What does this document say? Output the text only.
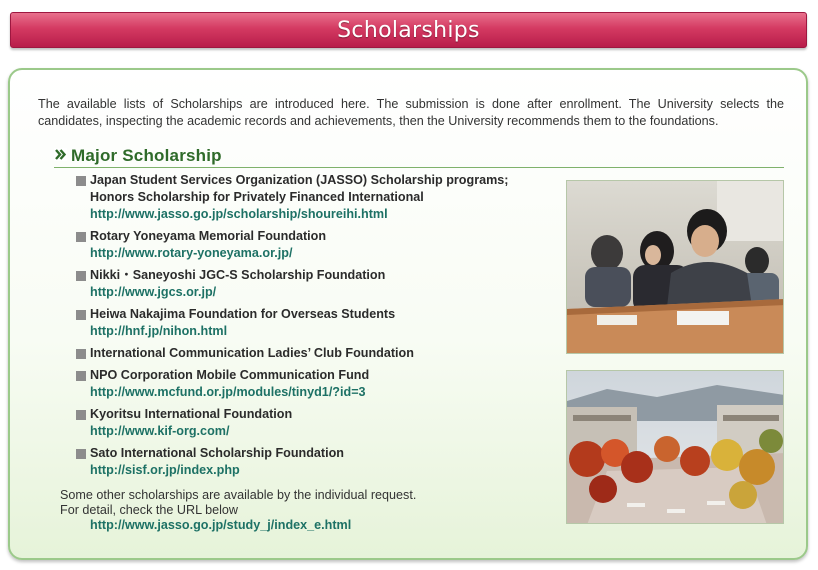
Scholarships

The available lists of Scholarships are introduced here. The submission is done after enrollment. The University selects the candidates, inspecting the academic records and achievements, then the University recommends them to the foundations.

Major Scholarship
Japan Student Services Organization (JASSO) Scholarship programs;
Honors Scholarship for Privately Financed International
http://www.jasso.go.jp/scholarship/shoureihi.html
Rotary Yoneyama Memorial Foundation
http://www.rotary-yoneyama.or.jp/
Nikki・Saneyoshi JGC-S Scholarship Foundation
http://www.jgcs.or.jp/
Heiwa Nakajima Foundation for Overseas Students
http://hnf.jp/nihon.html
International Communication Ladies’ Club Foundation
NPO Corporation Mobile Communication Fund
http://www.mcfund.or.jp/modules/tinyd1/?id=3
Kyoritsu International Foundation
http://www.kif-org.com/
Sato International Scholarship Foundation
http://sisf.or.jp/index.php
Some other scholarships are available by the individual request.
For detail, check the URL below
http://www.jasso.go.jp/study_j/index_e.html
